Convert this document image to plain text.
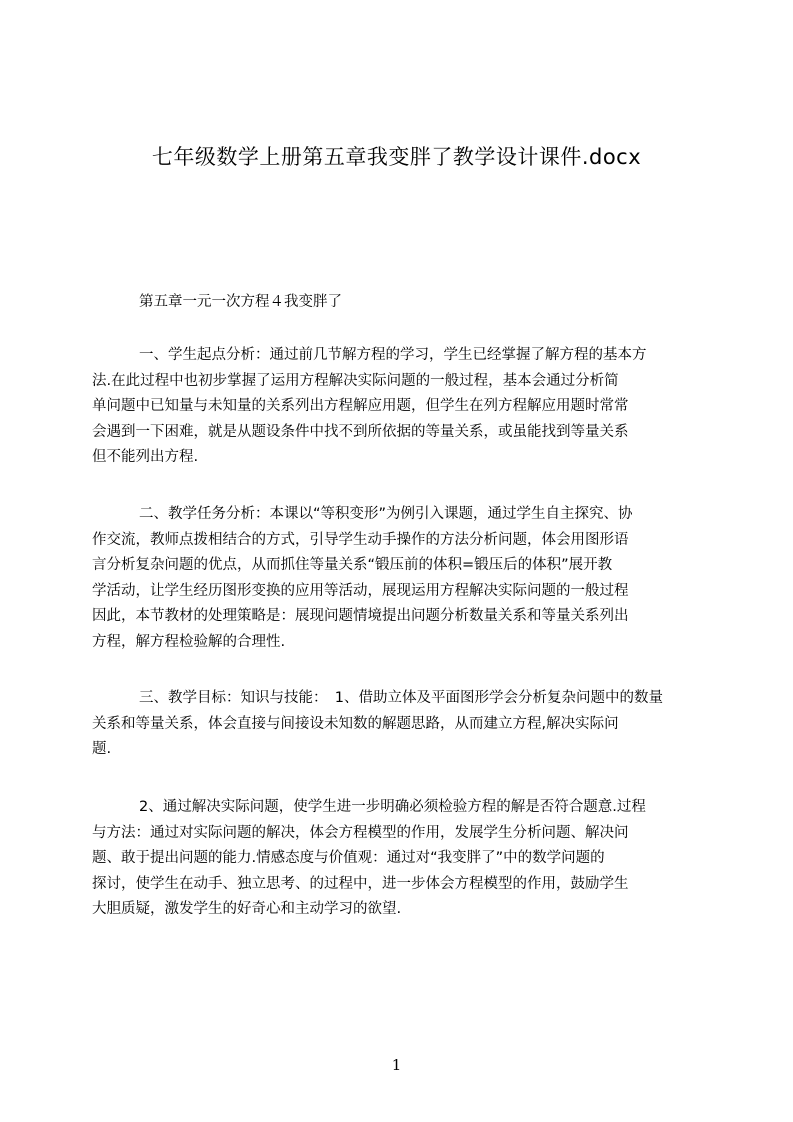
七年级数学上册第五章我变胖了教学设计课件.docx
第五章一元一次方程４我变胖了
一、学生起点分析：通过前几节解方程的学习，学生已经掌握了解方程的基本方
法.在此过程中也初步掌握了运用方程解决实际问题的一般过程，基本会通过分析简
单问题中已知量与未知量的关系列出方程解应用题，但学生在列方程解应用题时常常
会遇到一下困难，就是从题设条件中找不到所依据的等量关系，或虽能找到等量关系
但不能列出方程.
二、教学任务分析：本课以“等积变形”为例引入课题，通过学生自主探究、协
作交流，教师点拨相结合的方式，引导学生动手操作的方法分析问题，体会用图形语
言分析复杂问题的优点，从而抓住等量关系“锻压前的体积=锻压后的体积”展开教
学活动，让学生经历图形变换的应用等活动，展现运用方程解决实际问题的一般过程
因此，本节教材的处理策略是：展现问题情境提出问题分析数量关系和等量关系列出
方程，解方程检验解的合理性.
三、教学目标：知识与技能：　1、借助立体及平面图形学会分析复杂问题中的数量
关系和等量关系，体会直接与间接设未知数的解题思路，从而建立方程,解决实际问
题.
2、通过解决实际问题，使学生进一步明确必须检验方程的解是否符合题意.过程
与方法：通过对实际问题的解决，体会方程模型的作用，发展学生分析问题、解决问
题、敢于提出问题的能力.情感态度与价值观：通过对“我变胖了”中的数学问题的
探讨，使学生在动手、独立思考、的过程中，进一步体会方程模型的作用，鼓励学生
大胆质疑，激发学生的好奇心和主动学习的欲望.
1
